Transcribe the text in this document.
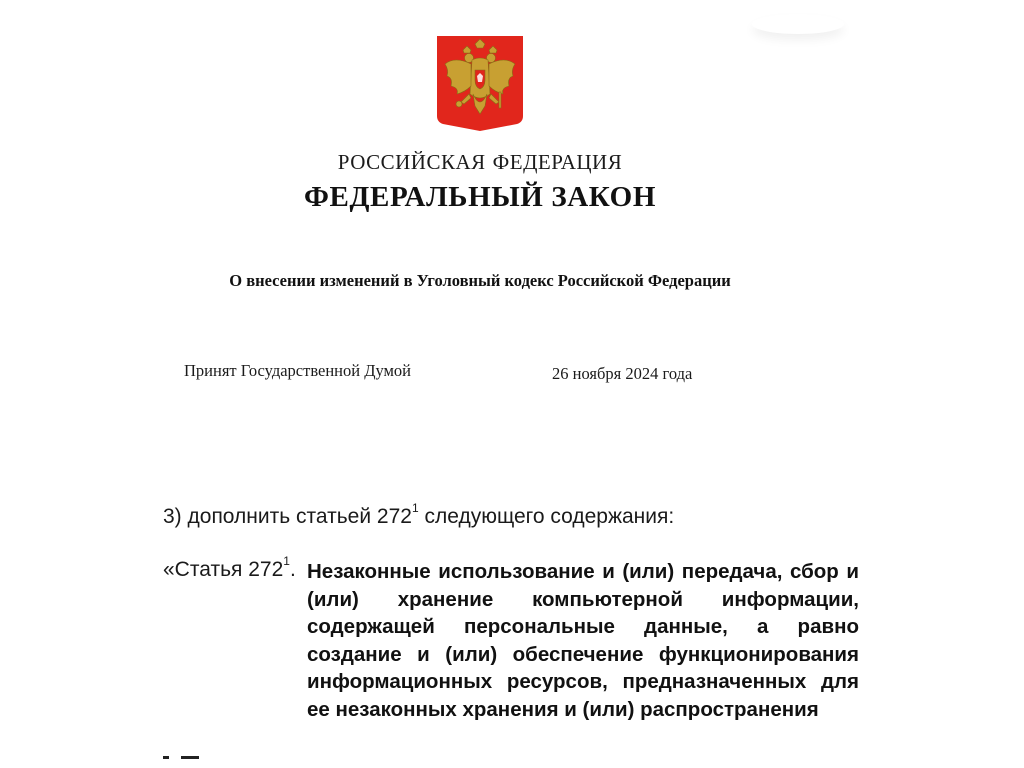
РОССИЙСКАЯ ФЕДЕРАЦИЯ
ФЕДЕРАЛЬНЫЙ ЗАКОН
О внесении изменений в Уголовный кодекс Российской Федерации
Принят Государственной Думой	26 ноября 2024 года
3) дополнить статьей $272^1$ следующего содержания:
«Статья $272^1$. Незаконные использование и (или) передача, сбор и (или) хранение компьютерной информации, содержащей персональные данные, а равно создание и (или) обеспечение функционирования информационных ресурсов, предназначенных для ее незаконных хранения и (или) распространения
